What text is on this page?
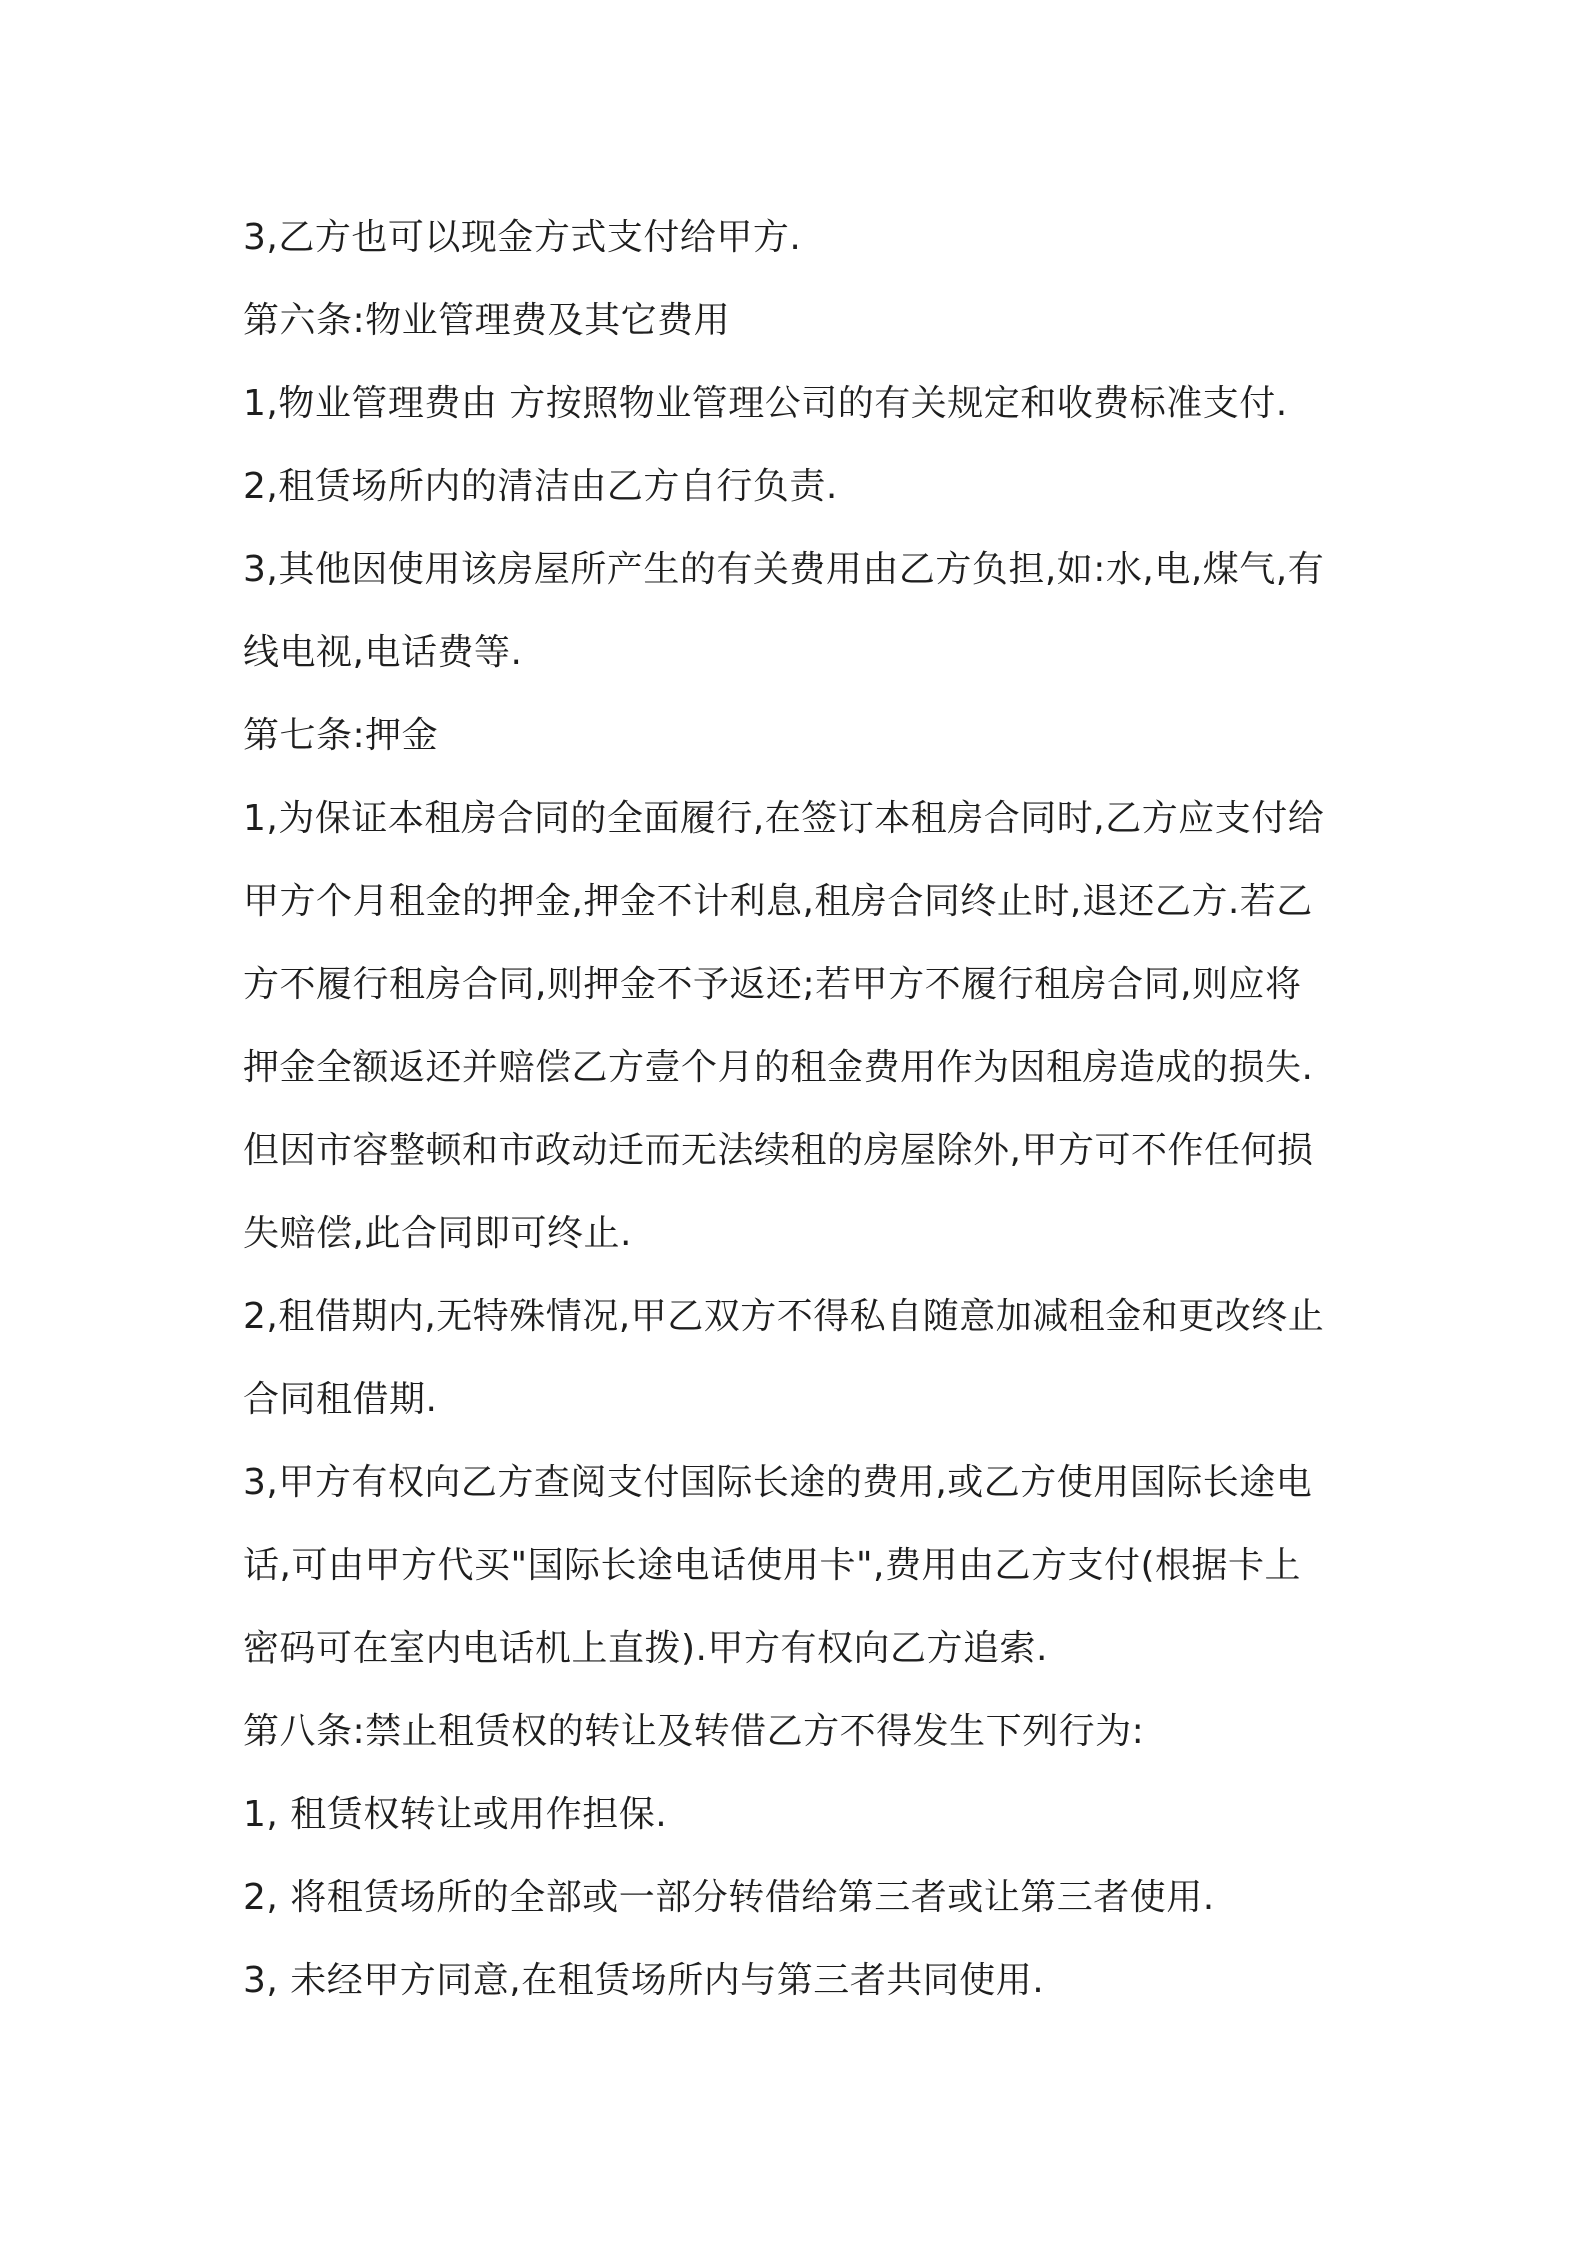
3,乙方也可以现金方式支付给甲方.
第六条:物业管理费及其它费用
1,物业管理费由 方按照物业管理公司的有关规定和收费标准支付.
2,租赁场所内的清洁由乙方自行负责.
3,其他因使用该房屋所产生的有关费用由乙方负担,如:水,电,煤气,有
线电视,电话费等.
第七条:押金
1,为保证本租房合同的全面履行,在签订本租房合同时,乙方应支付给
甲方个月租金的押金,押金不计利息,租房合同终止时,退还乙方.若乙
方不履行租房合同,则押金不予返还;若甲方不履行租房合同,则应将
押金全额返还并赔偿乙方壹个月的租金费用作为因租房造成的损失.
但因市容整顿和市政动迁而无法续租的房屋除外,甲方可不作任何损
失赔偿,此合同即可终止.
2,租借期内,无特殊情况,甲乙双方不得私自随意加减租金和更改终止
合同租借期.
3,甲方有权向乙方查阅支付国际长途的费用,或乙方使用国际长途电
话,可由甲方代买"国际长途电话使用卡",费用由乙方支付(根据卡上
密码可在室内电话机上直拨).甲方有权向乙方追索.
第八条:禁止租赁权的转让及转借乙方不得发生下列行为:
1, 租赁权转让或用作担保.
2, 将租赁场所的全部或一部分转借给第三者或让第三者使用.
3, 未经甲方同意,在租赁场所内与第三者共同使用.
